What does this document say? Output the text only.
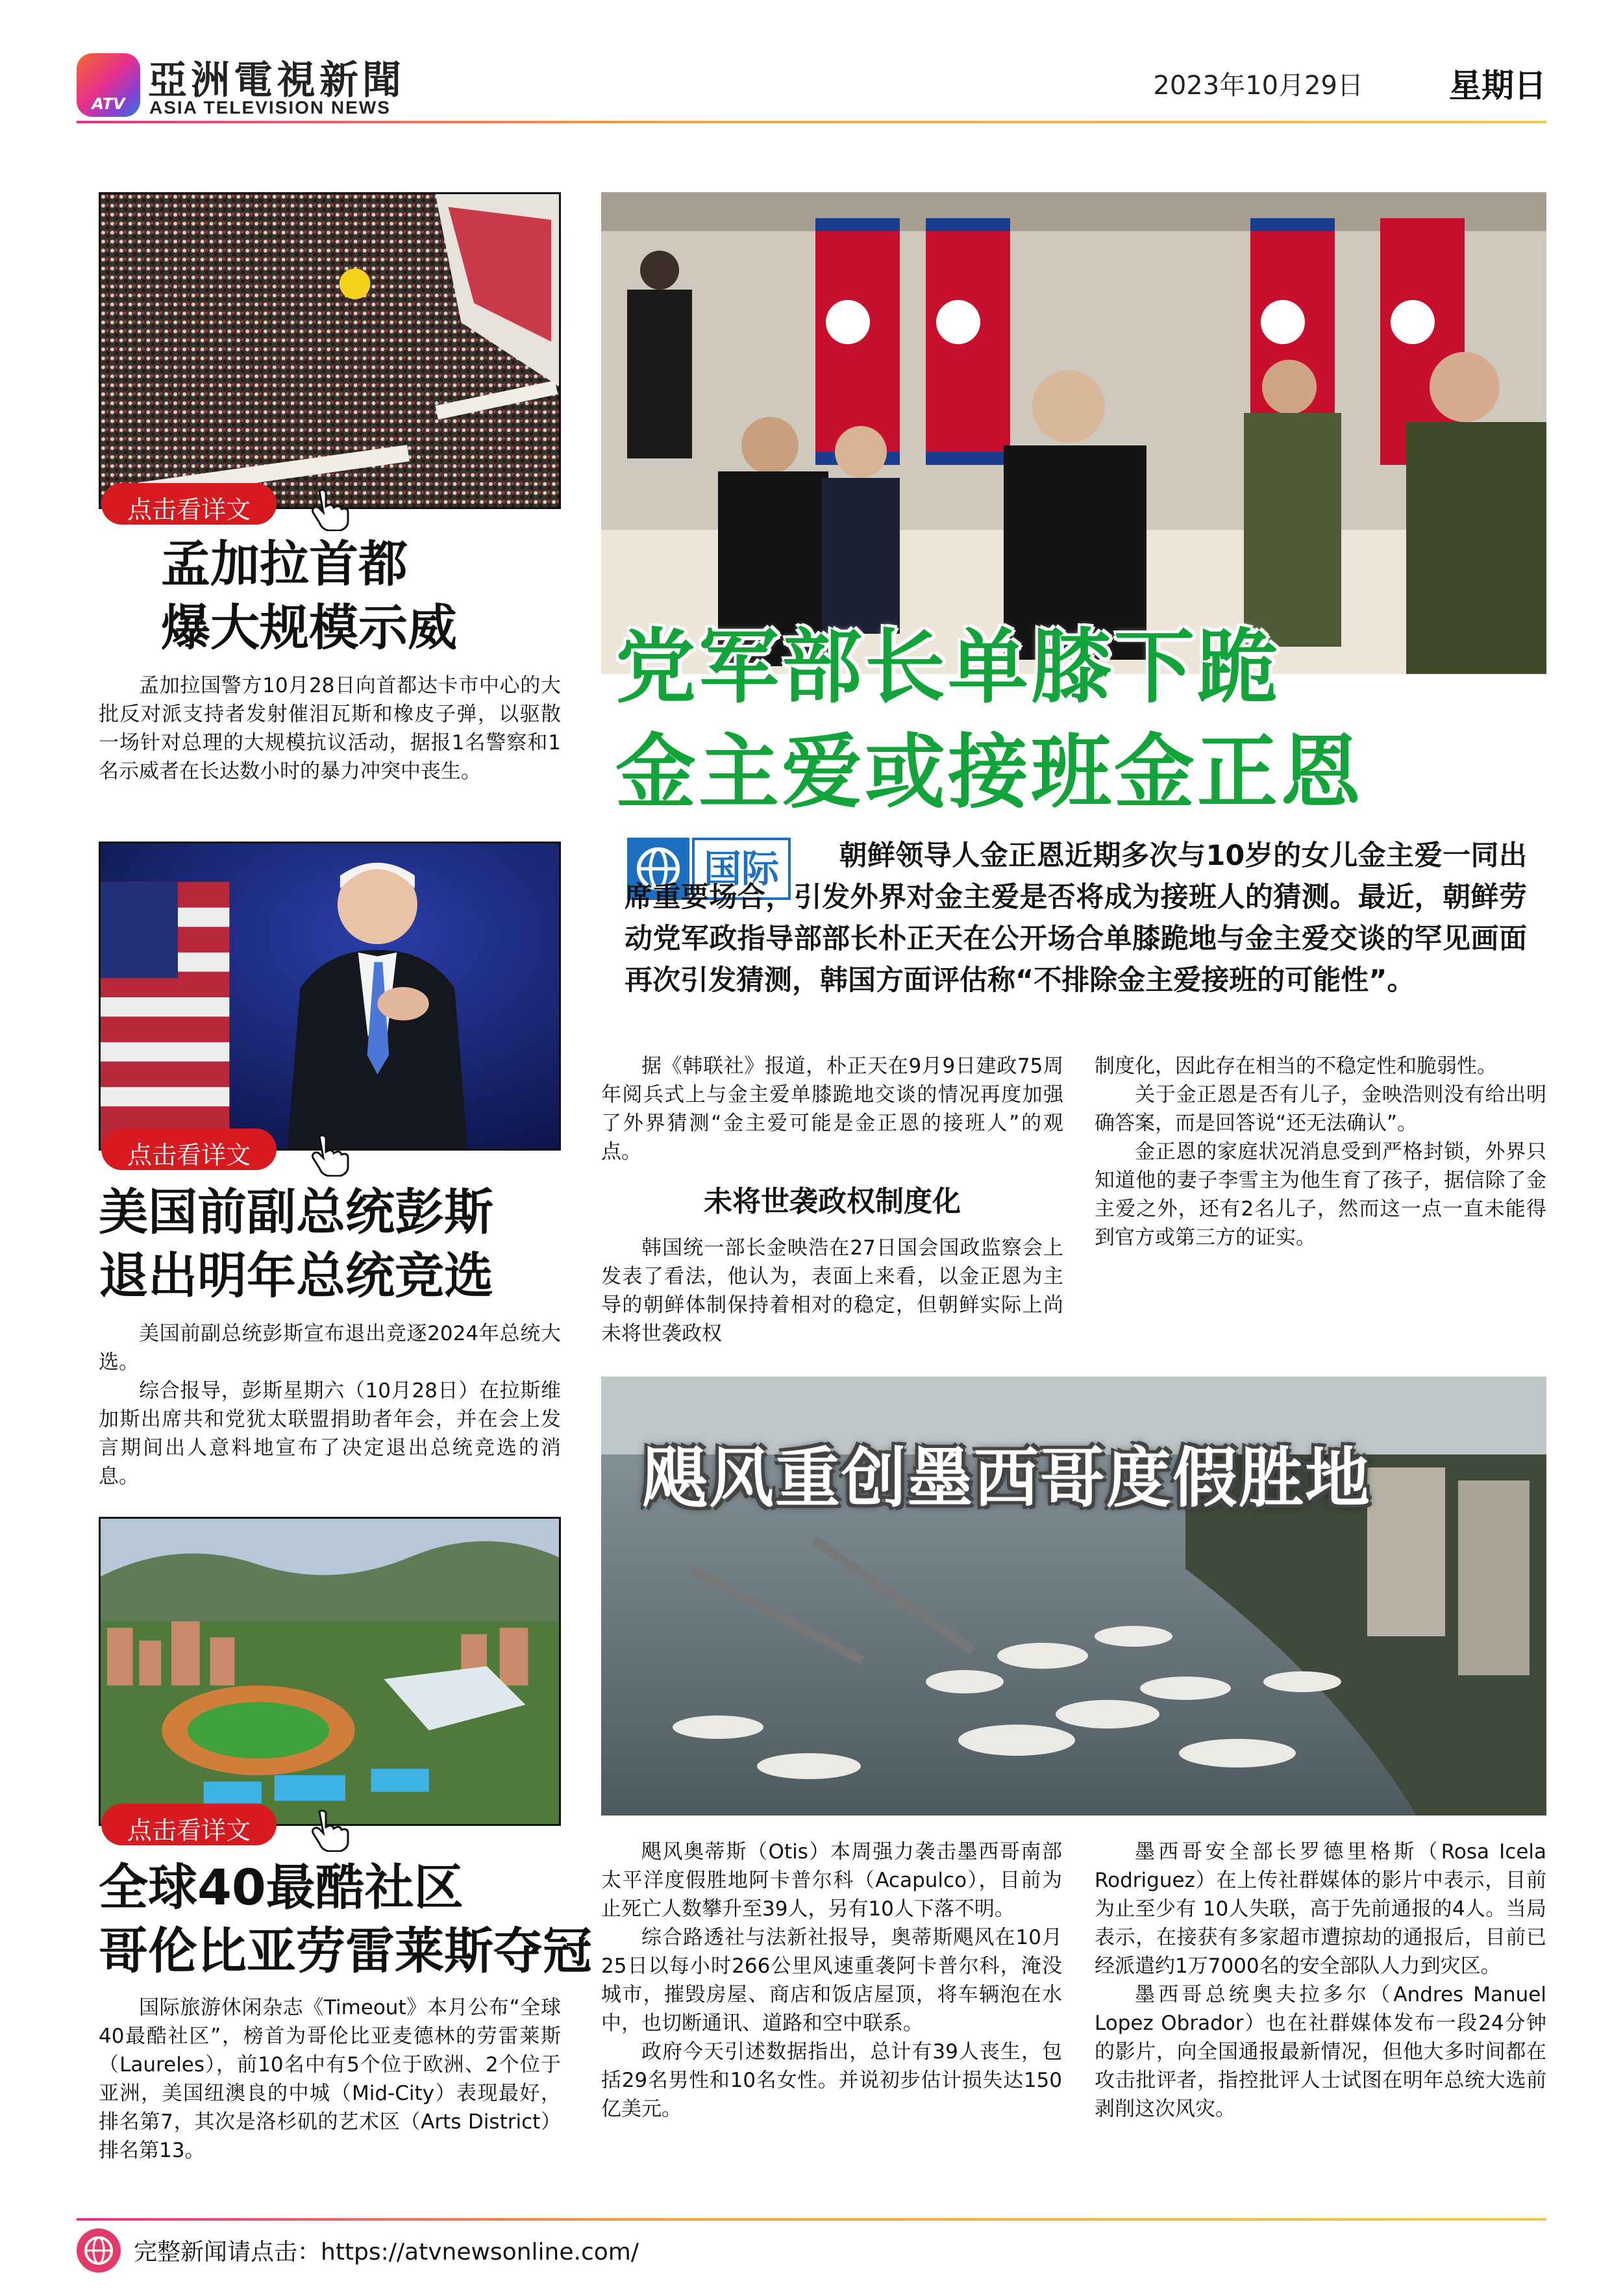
ATV
亞洲電視新聞
ASIA TELEVISION NEWS
2023年10月29日	星期日
点击看详文
孟加拉首都
爆大规模示威

孟加拉国警方10月28日向首都达卡市中心的大批反对派支持者发射催泪瓦斯和橡皮子弹，以驱散一场针对总理的大规模抗议活动，据报1名警察和1名示威者在长达数小时的暴力冲突中丧生。

点击看详文
美国前副总统彭斯
退出明年总统竞选

美国前副总统彭斯宣布退出竞逐2024年总统大选。

综合报导，彭斯星期六（10月28日）在拉斯维加斯出席共和党犹太联盟捐助者年会，并在会上发言期间出人意料地宣布了决定退出总统竞选的消息。

点击看详文
全球40最酷社区
哥伦比亚劳雷莱斯夺冠

国际旅游休闲杂志《Timeout》本月公布“全球40最酷社区”，榜首为哥伦比亚麦德林的劳雷莱斯（Laureles），前10名中有5个位于欧洲、2个位于亚洲，美国纽澳良的中城（Mid-City）表现最好，排名第7，其次是洛杉矶的艺术区（Arts District）排名第13。

党军部长单膝下跪
金主爱或接班金正恩
国际	朝鲜领导人金正恩近期多次与10岁的女儿金主爱一同出席重要场合，引发外界对金主爱是否将成为接班人的猜测。最近，朝鲜劳动党军政指导部部长朴正天在公开场合单膝跪地与金主爱交谈的罕见画面再次引发猜测，韩国方面评估称“不排除金主爱接班的可能性”。

据《韩联社》报道，朴正天在9月9日建政75周年阅兵式上与金主爱单膝跪地交谈的情况再度加强了外界猜测“金主爱可能是金正恩的接班人”的观点。

未将世袭政权制度化

韩国统一部长金映浩在27日国会国政监察会上发表了看法，他认为，表面上来看，以金正恩为主导的朝鲜体制保持着相对的稳定，但朝鲜实际上尚未将世袭政权

制度化，因此存在相当的不稳定性和脆弱性。

关于金正恩是否有儿子，金映浩则没有给出明确答案，而是回答说“还无法确认”。

金正恩的家庭状况消息受到严格封锁，外界只知道他的妻子李雪主为他生育了孩子，据信除了金主爱之外，还有2名儿子，然而这一点一直未能得到官方或第三方的证实。

飓风重创墨西哥度假胜地

飓风奥蒂斯（Otis）本周强力袭击墨西哥南部太平洋度假胜地阿卡普尔科（Acapulco），目前为止死亡人数攀升至39人，另有10人下落不明。

综合路透社与法新社报导，奥蒂斯飓风在10月25日以每小时266公里风速重袭阿卡普尔科，淹没城市，摧毁房屋、商店和饭店屋顶，将车辆泡在水中，也切断通讯、道路和空中联系。

政府今天引述数据指出，总计有39人丧生，包括29名男性和10名女性。并说初步估计损失达150亿美元。

墨西哥安全部长罗德里格斯（Rosa Icela Rodriguez）在上传社群媒体的影片中表示，目前为止至少有 10人失联，高于先前通报的4人。当局表示，在接获有多家超市遭掠劫的通报后，目前已经派遣约1万7000名的安全部队人力到灾区。

墨西哥总统奥夫拉多尔（Andres Manuel Lopez Obrador）也在社群媒体发布一段24分钟的影片，向全国通报最新情况，但他大多时间都在攻击批评者，指控批评人士试图在明年总统大选前剥削这次风灾。

完整新闻请点击：https://atvnewsonline.com/
